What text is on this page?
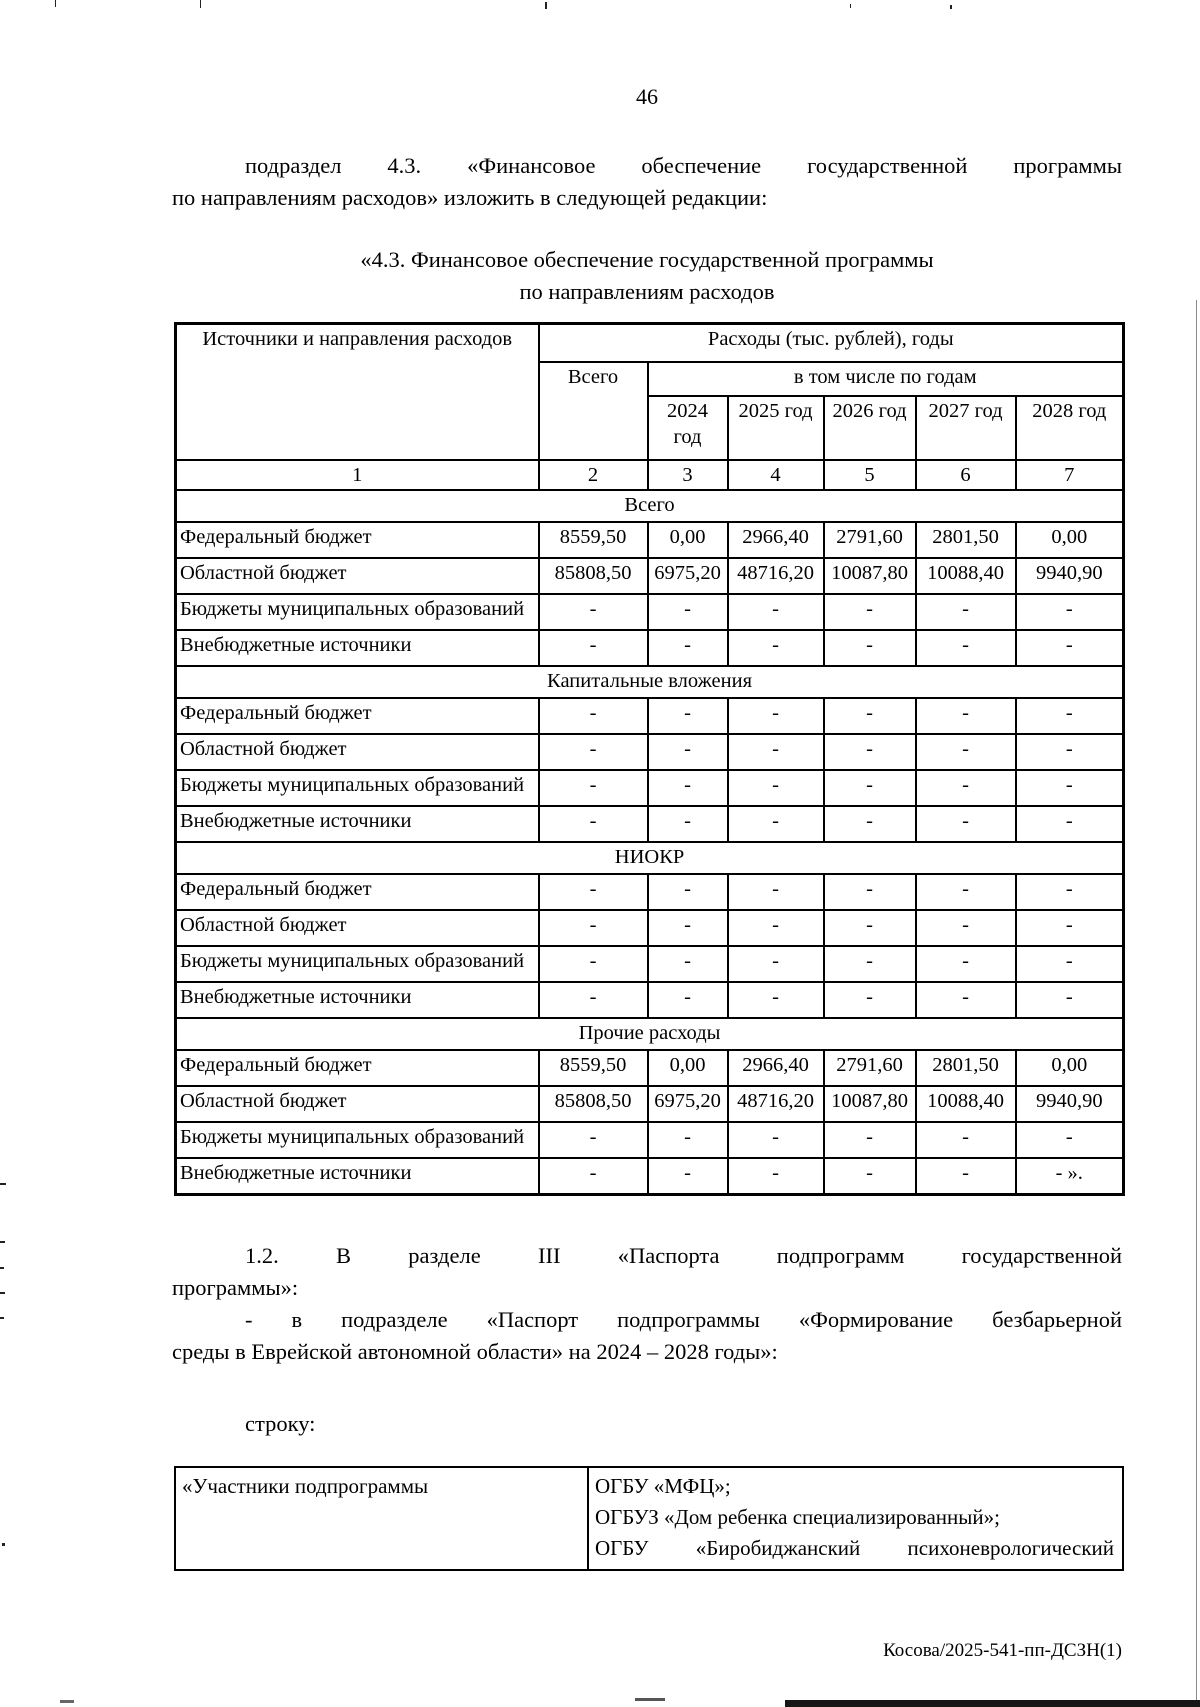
46
подраздел 4.3. «Финансовое обеспечение государственной программы
по направлениям расходов» изложить в следующей редакции:
«4.3. Финансовое обеспечение государственной программы
по направлениям расходов
Источники и направления расходов	Расходы (тыс. рублей), годы					
	Всего	в том числе по годам				
		2024 год	2025 год	2026 год	2027 год	2028 год
1	2	3	4	5	6	7
Всего						
Федеральный бюджет	8559,50	0,00	2966,40	2791,60	2801,50	0,00
Областной бюджет	85808,50	6975,20	48716,20	10087,80	10088,40	9940,90
Бюджеты муниципальных образований	-	-	-	-	-	-
Внебюджетные источники	-	-	-	-	-	-
Капитальные вложения						
Федеральный бюджет	-	-	-	-	-	-
Областной бюджет	-	-	-	-	-	-
Бюджеты муниципальных образований	-	-	-	-	-	-
Внебюджетные источники	-	-	-	-	-	-
НИОКР						
Федеральный бюджет	-	-	-	-	-	-
Областной бюджет	-	-	-	-	-	-
Бюджеты муниципальных образований	-	-	-	-	-	-
Внебюджетные источники	-	-	-	-	-	-
Прочие расходы						
Федеральный бюджет	8559,50	0,00	2966,40	2791,60	2801,50	0,00
Областной бюджет	85808,50	6975,20	48716,20	10087,80	10088,40	9940,90
Бюджеты муниципальных образований	-	-	-	-	-	-
Внебюджетные источники	-	-	-	-	-	- ».
1.2. В разделе III «Паспорта подпрограмм государственной
программы»:
- в подразделе «Паспорт подпрограммы «Формирование безбарьерной
среды в Еврейской автономной области» на 2024 – 2028 годы»:
строку:
«Участники подпрограммы	ОГБУ «МФЦ»;
ОГБУЗ «Дом ребенка специализированный»;
ОГБУ «Биробиджанский психоневрологический
Косова/2025-541-пп-ДСЗН(1)
